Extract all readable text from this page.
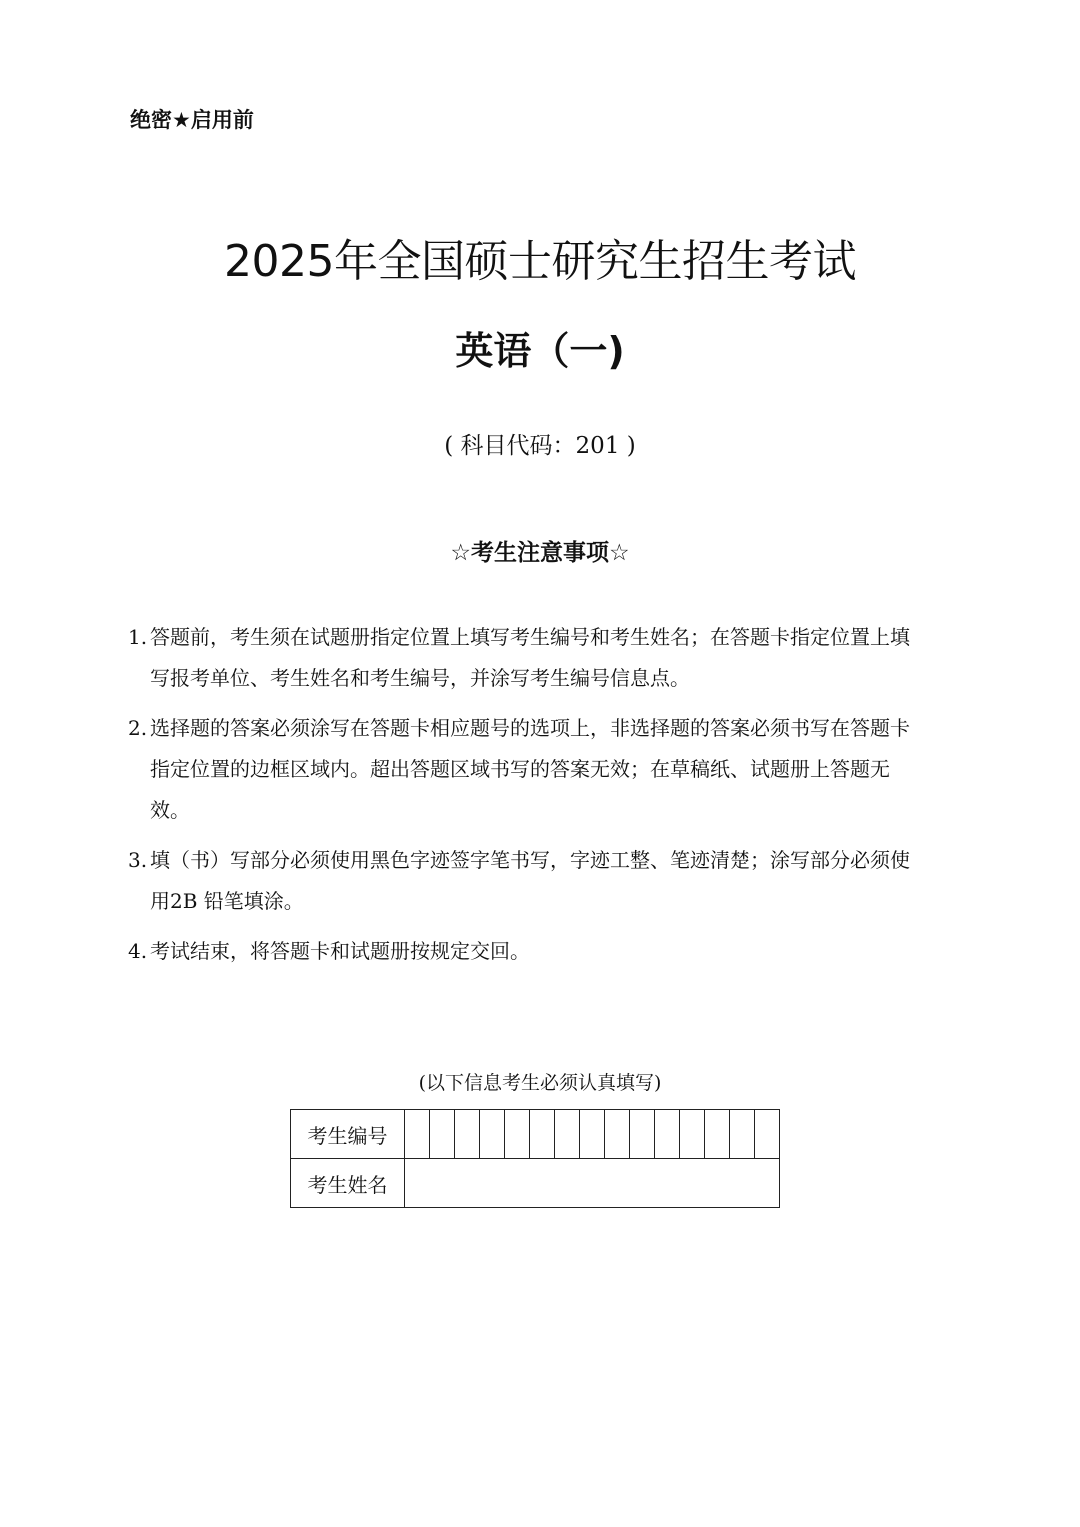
绝密★启用前
2025年全国硕士研究生招生考试
英语（一)
( 科目代码：201 )
☆考生注意事项☆
1. 答题前，考生须在试题册指定位置上填写考生编号和考生姓名；在答题卡指定位置上填
写报考单位、考生姓名和考生编号，并涂写考生编号信息点。
2. 选择题的答案必须涂写在答题卡相应题号的选项上，非选择题的答案必须书写在答题卡
指定位置的边框区域内。超出答题区域书写的答案无效；在草稿纸、试题册上答题无
效。
3. 填（书）写部分必须使用黑色字迹签字笔书写，字迹工整、笔迹清楚；涂写部分必须使
用2B 铅笔填涂。
4. 考试结束，将答题卡和试题册按规定交回。
(以下信息考生必须认真填写)
考生编号															
考生姓名															
